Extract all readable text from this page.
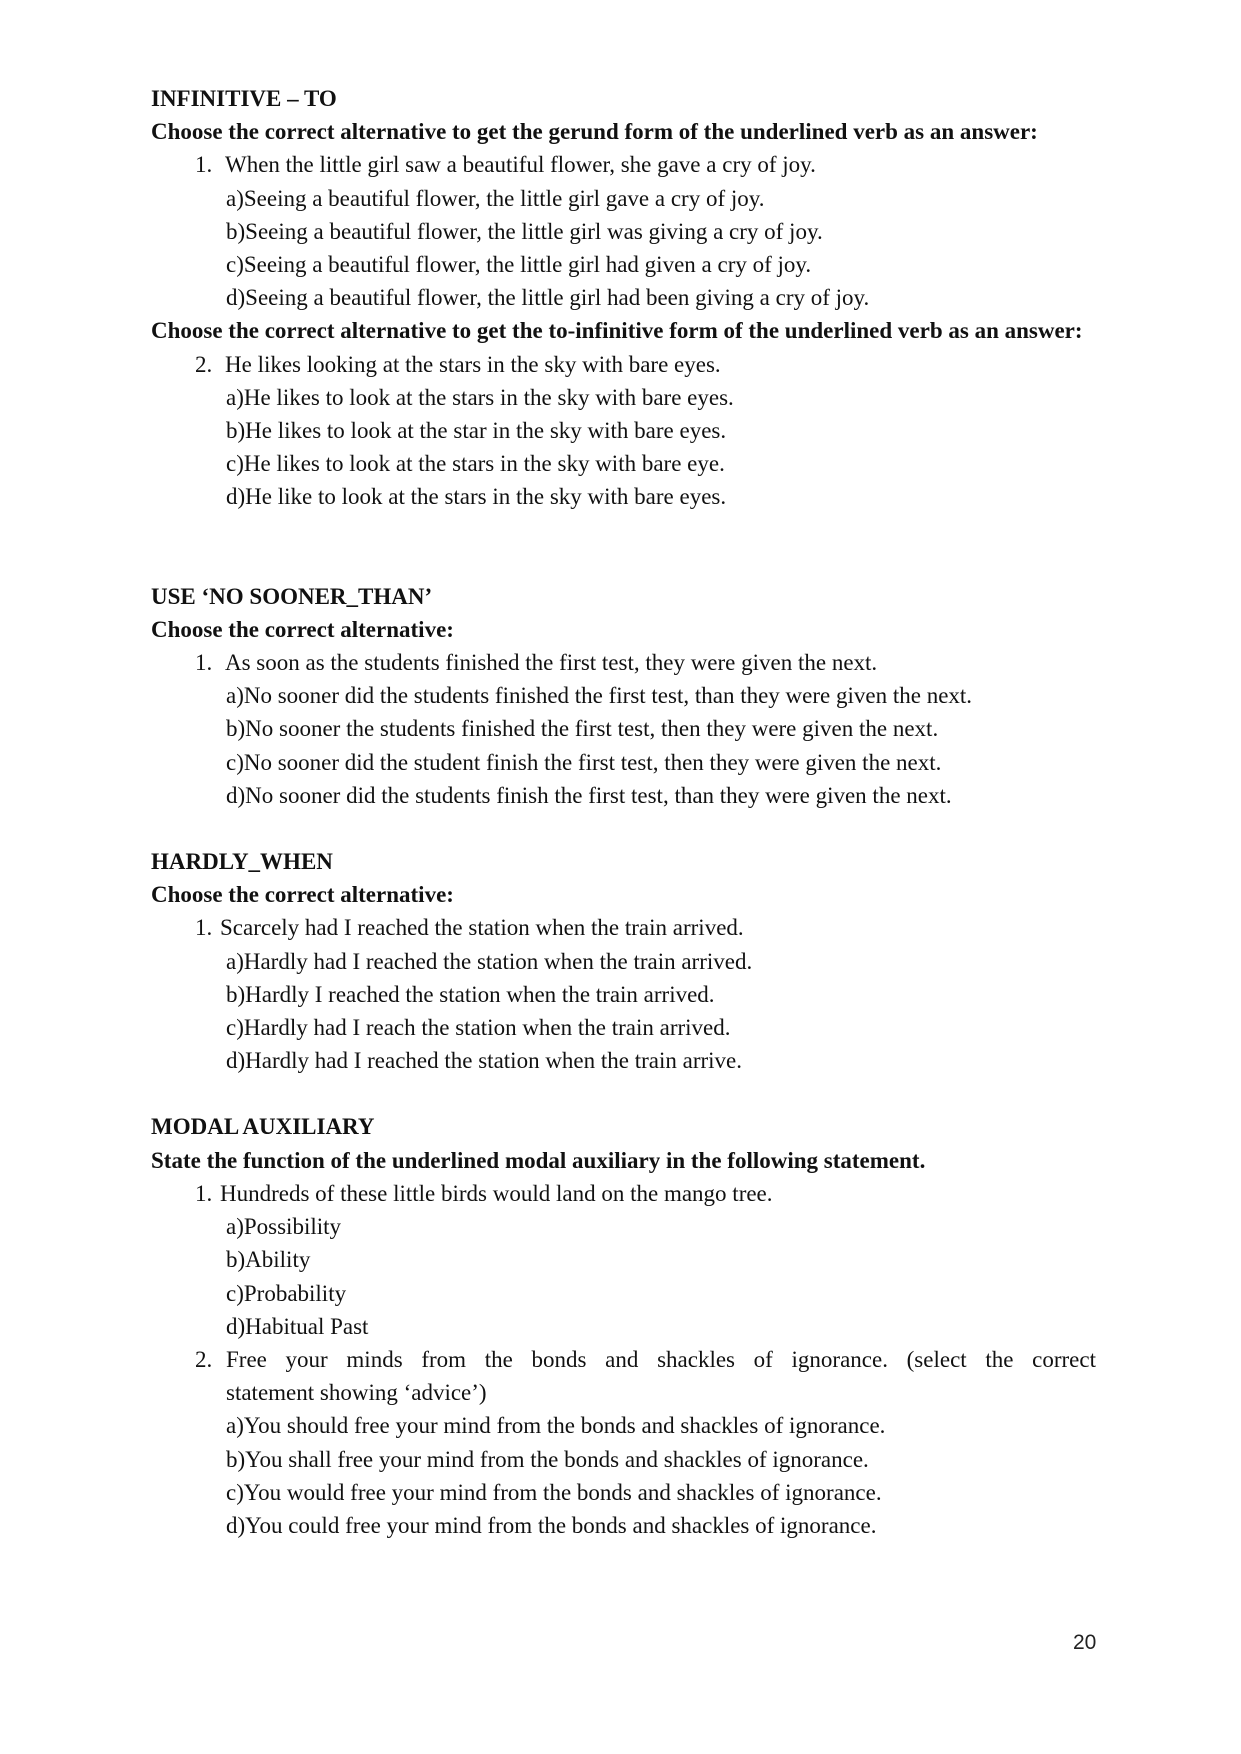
INFINITIVE – TO
Choose the correct alternative to get the gerund form of the underlined verb as an answer:
1. When the little girl saw a beautiful flower, she gave a cry of joy.
a)Seeing a beautiful flower, the little girl gave a cry of joy.
b)Seeing a beautiful flower, the little girl was giving a cry of joy.
c)Seeing a beautiful flower, the little girl had given a cry of joy.
d)Seeing a beautiful flower, the little girl had been giving a cry of joy.
Choose the correct alternative to get the to-infinitive form of the underlined verb as an answer:
2. He likes looking at the stars in the sky with bare eyes.
a)He likes to look at the stars in the sky with bare eyes.
b)He likes to look at the star in the sky with bare eyes.
c)He likes to look at the stars in the sky with bare eye.
d)He like to look at the stars in the sky with bare eyes.
USE ‘NO SOONER_THAN’
Choose the correct alternative:
1. As soon as the students finished the first test, they were given the next.
a)No sooner did the students finished the first test, than they were given the next.
b)No sooner the students finished the first test, then they were given the next.
c)No sooner did the student finish the first test, then they were given the next.
d)No sooner did the students finish the first test, than they were given the next.
HARDLY_WHEN
Choose the correct alternative:
1. Scarcely had I reached the station when the train arrived.
a)Hardly had I reached the station when the train arrived.
b)Hardly I reached the station when the train arrived.
c)Hardly had I reach the station when the train arrived.
d)Hardly had I reached the station when the train arrive.
MODAL AUXILIARY
State the function of the underlined modal auxiliary in the following statement.
1. Hundreds of these little birds would land on the mango tree.
a)Possibility
b)Ability
c)Probability
d)Habitual Past
2. Free your minds from the bonds and shackles of ignorance. (select the correct
statement showing ‘advice’)
a)You should free your mind from the bonds and shackles of ignorance.
b)You shall free your mind from the bonds and shackles of ignorance.
c)You would free your mind from the bonds and shackles of ignorance.
d)You could free your mind from the bonds and shackles of ignorance.
20
